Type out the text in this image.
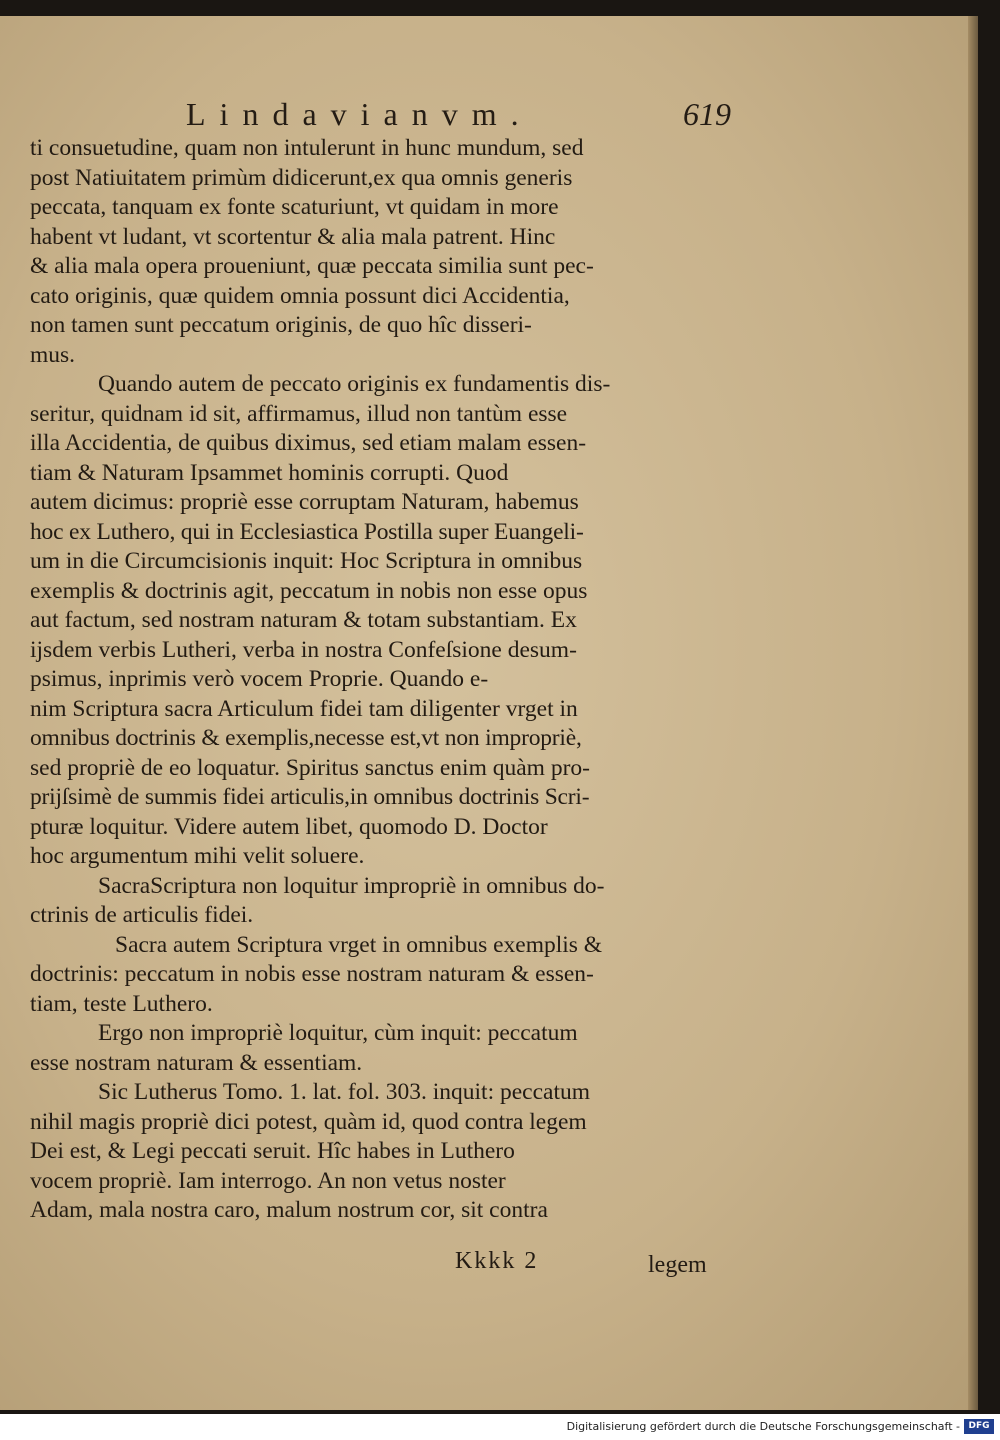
Lindavianvm.	619
ti consuetudine, quam non intulerunt in hunc mundum, sed
post Natiuitatem primùm didicerunt,ex qua omnis generis
peccata, tanquam ex fonte scaturiunt, vt quidam in more
habent vt ludant, vt scortentur & alia mala patrent. Hinc
& alia mala opera proueniunt, quæ peccata similia sunt pec-
cato originis, quæ quidem omnia possunt dici Accidentia,
non tamen sunt peccatum originis, de quo hîc disseri-
mus.
Quando autem de peccato originis ex fundamentis dis-
seritur, quidnam id sit, affirmamus, illud non tantùm esse
illa Accidentia, de quibus diximus, sed etiam malam essen-
tiam & Naturam Ipsammet hominis corrupti. Quod
autem dicimus: propriè esse corruptam Naturam, habemus
hoc ex Luthero, qui in Ecclesiastica Postilla super Euangeli-
um in die Circumcisionis inquit: Hoc Scriptura in omnibus
exemplis & doctrinis agit, peccatum in nobis non esse opus
aut factum, sed nostram naturam & totam substantiam. Ex
ijsdem verbis Lutheri, verba in nostra Confeſsione desum-
psimus, inprimis verò vocem Proprie. Quando e-
nim Scriptura sacra Articulum fidei tam diligenter vrget in
omnibus doctrinis & exemplis,necesse est,vt non impropriè,
sed propriè de eo loquatur. Spiritus sanctus enim quàm pro-
prijſsimè de summis fidei articulis,in omnibus doctrinis Scri-
pturæ loquitur. Videre autem libet, quomodo D. Doctor
hoc argumentum mihi velit soluere.
SacraScriptura non loquitur impropriè in omnibus do-
ctrinis de articulis fidei.
Sacra autem Scriptura vrget in omnibus exemplis &
doctrinis: peccatum in nobis esse nostram naturam & essen-
tiam, teste Luthero.
Ergo non impropriè loquitur, cùm inquit: peccatum
esse nostram naturam & essentiam.
Sic Lutherus Tomo. 1. lat. fol. 303. inquit: peccatum
nihil magis propriè dici potest, quàm id, quod contra legem
Dei est, & Legi peccati seruit. Hîc habes in Luthero
vocem propriè. Iam interrogo. An non vetus noster
Adam, mala nostra caro, malum nostrum cor, sit contra
Kkkk 2	legem
Digitalisierung gefördert durch die Deutsche Forschungsgemeinschaft - DFG
